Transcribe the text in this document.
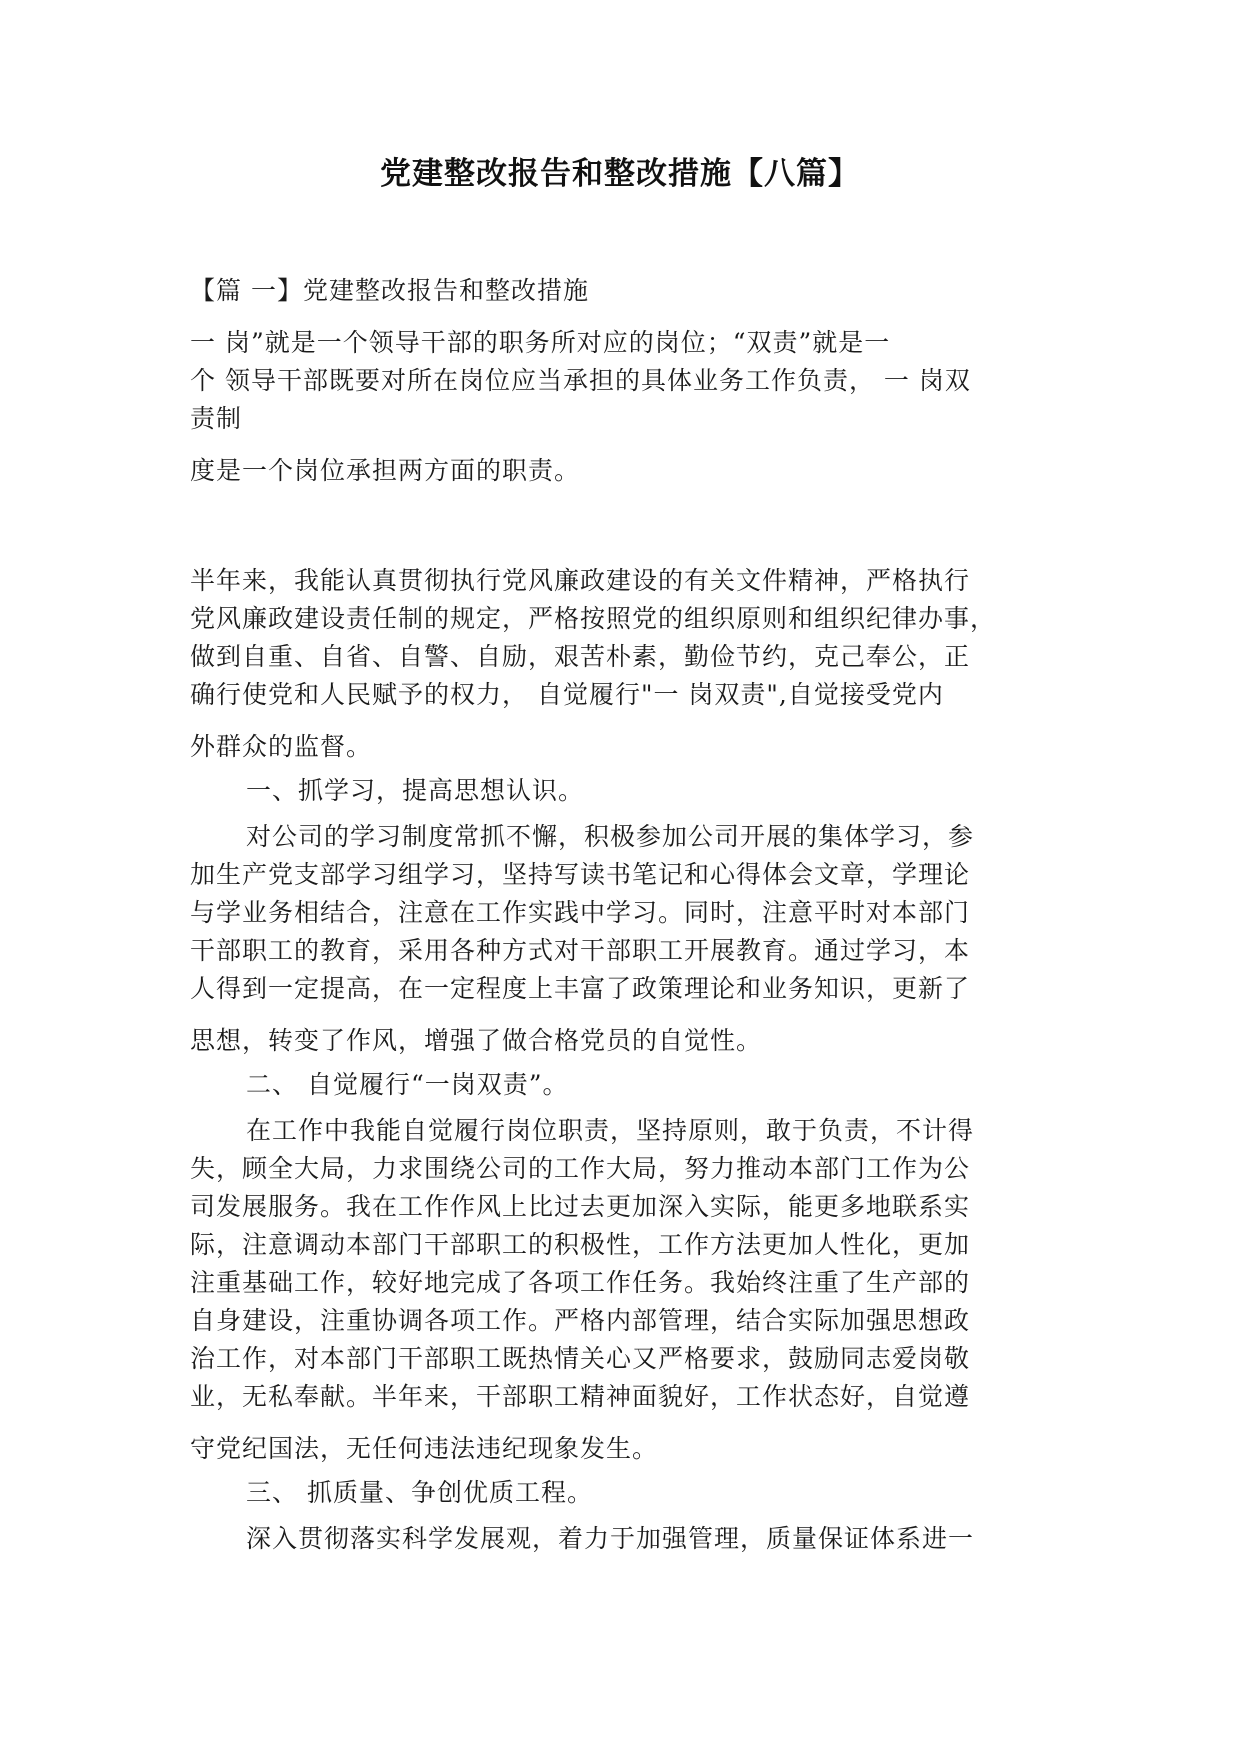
党建整改报告和整改措施【八篇】

【篇 一】党建整改报告和整改措施

一 岗”就是一个领导干部的职务所对应的岗位；“双责”就是一

个 领导干部既要对所在岗位应当承担的具体业务工作负责， 一 岗双

责制

度是一个岗位承担两方面的职责。

半年来，我能认真贯彻执行党风廉政建设的有关文件精神，严格执行

党风廉政建设责任制的规定，严格按照党的组织原则和组织纪律办事，

做到自重、自省、自警、自励，艰苦朴素，勤俭节约，克己奉公，正

确行使党和人民赋予的权力， 自觉履行"一 岗双责",自觉接受党内

外群众的监督。

一、抓学习，提高思想认识。

对公司的学习制度常抓不懈，积极参加公司开展的集体学习，参

加生产党支部学习组学习，坚持写读书笔记和心得体会文章，学理论

与学业务相结合，注意在工作实践中学习。同时，注意平时对本部门

干部职工的教育，采用各种方式对干部职工开展教育。通过学习，本

人得到一定提高，在一定程度上丰富了政策理论和业务知识，更新了

思想，转变了作风，增强了做合格党员的自觉性。

二、 自觉履行“一岗双责”。

在工作中我能自觉履行岗位职责，坚持原则，敢于负责，不计得

失，顾全大局，力求围绕公司的工作大局，努力推动本部门工作为公

司发展服务。我在工作作风上比过去更加深入实际，能更多地联系实

际，注意调动本部门干部职工的积极性，工作方法更加人性化，更加

注重基础工作，较好地完成了各项工作任务。我始终注重了生产部的

自身建设，注重协调各项工作。严格内部管理，结合实际加强思想政

治工作，对本部门干部职工既热情关心又严格要求，鼓励同志爱岗敬

业，无私奉献。半年来，干部职工精神面貌好，工作状态好，自觉遵

守党纪国法，无任何违法违纪现象发生。

三、 抓质量、争创优质工程。

深入贯彻落实科学发展观，着力于加强管理，质量保证体系进一
